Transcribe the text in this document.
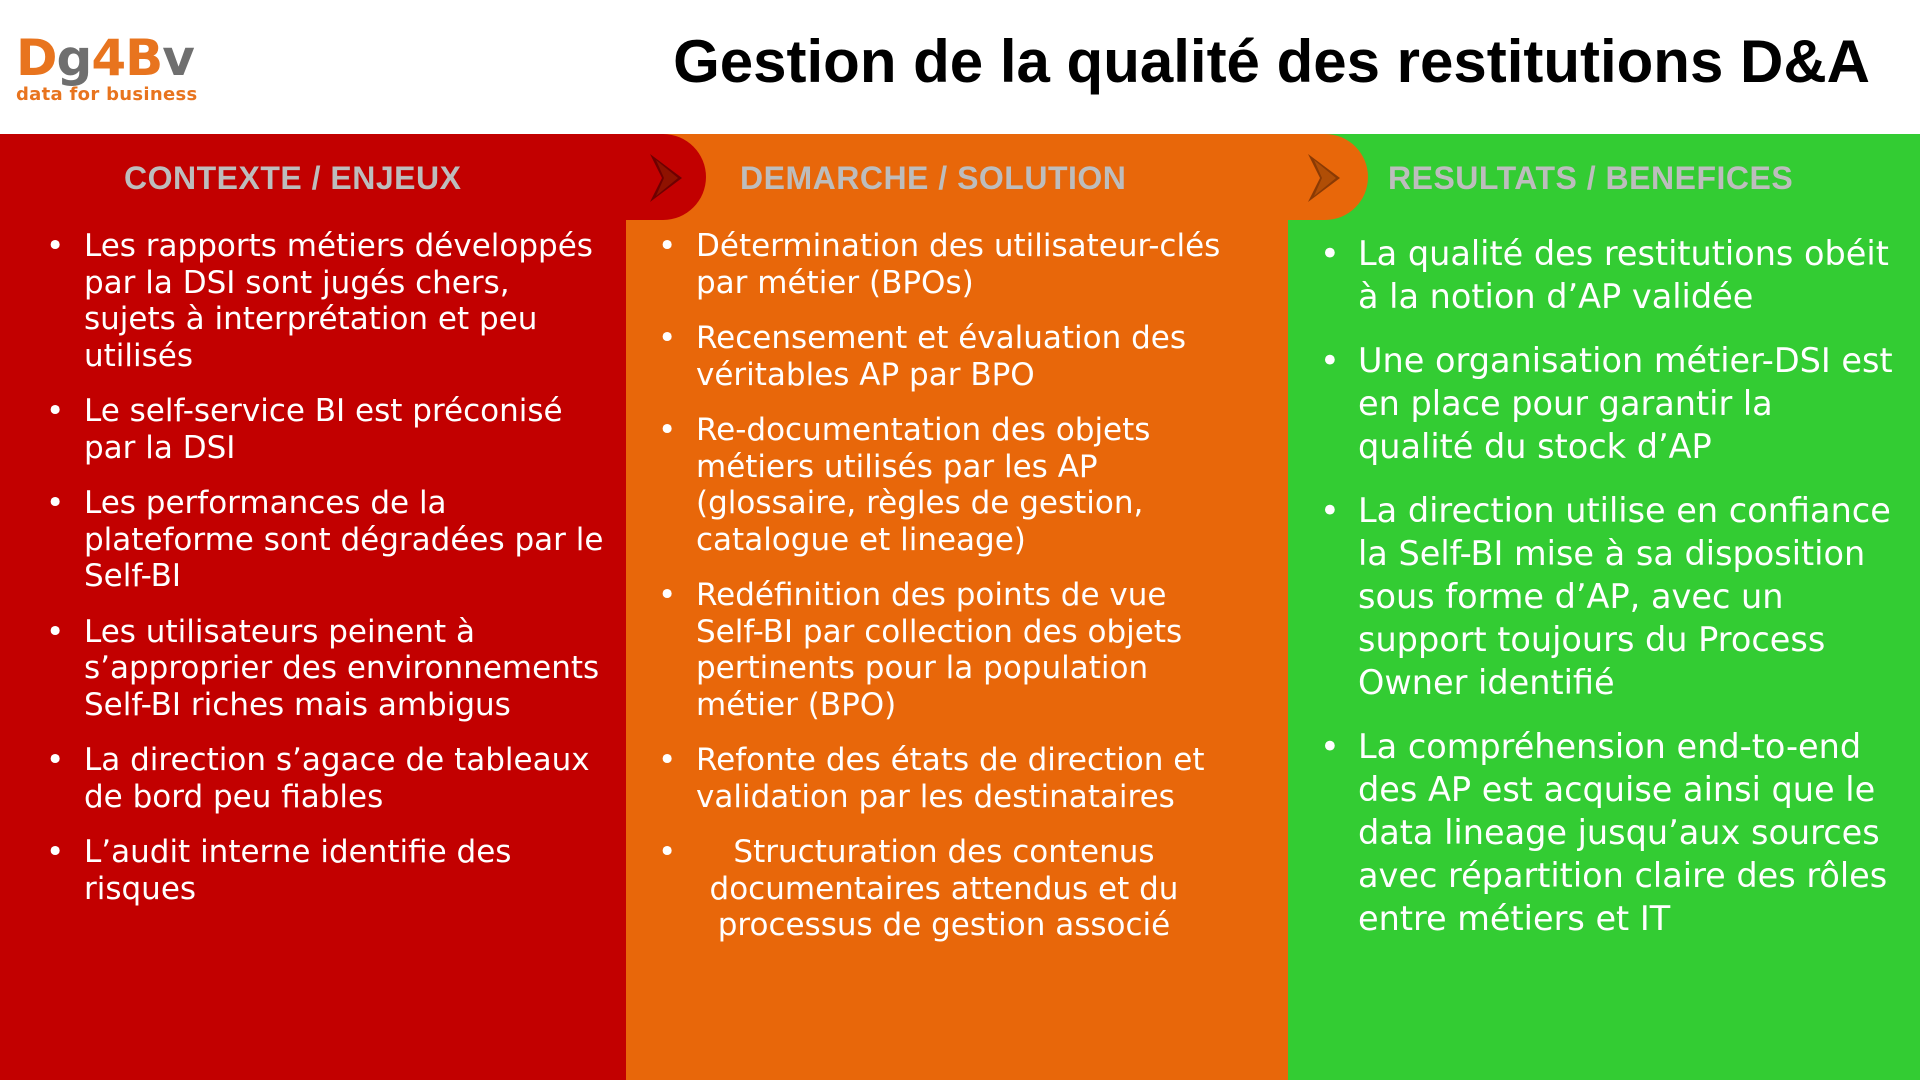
Dg4Bv
data for business	Gestion de la qualité des restitutions D&A
CONTEXTE / ENJEUX	DEMARCHE / SOLUTION	RESULTATS / BENEFICES
• Les rapports métiers développés par la DSI sont jugés chers, sujets à interprétation et peu utilisés
• Le self-service BI est préconisé par la DSI
• Les performances de la plateforme sont dégradées par le Self-BI
• Les utilisateurs peinent à s’approprier des environnements Self-BI riches mais ambigus
• La direction s’agace de tableaux de bord peu fiables
• L’audit interne identifie des risques
• Détermination des utilisateur-clés par métier (BPOs)
• Recensement et évaluation des véritables AP par BPO
• Re-documentation des objets métiers utilisés par les AP (glossaire, règles de gestion, catalogue et lineage)
• Redéfinition des points de vue Self-BI par collection des objets pertinents pour la population métier (BPO)
• Refonte des états de direction et validation par les destinataires
• Structuration des contenus documentaires attendus et du processus de gestion associé
• La qualité des restitutions obéit à la notion d’AP validée
• Une organisation métier-DSI est en place pour garantir la qualité du stock d’AP
• La direction utilise en confiance la Self-BI mise à sa disposition sous forme d’AP, avec un support toujours du Process Owner identifié
• La compréhension end-to-end des AP est acquise ainsi que le data lineage jusqu’aux sources avec répartition claire des rôles entre métiers et IT
